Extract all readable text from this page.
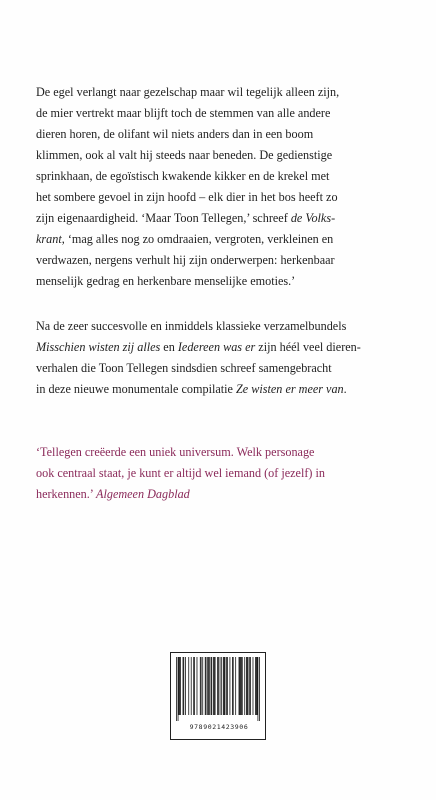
De egel verlangt naar gezelschap maar wil tegelijk alleen zijn,
de mier vertrekt maar blijft toch de stemmen van alle andere
dieren horen, de olifant wil niets anders dan in een boom
klimmen, ook al valt hij steeds naar beneden. De gedienstige
sprinkhaan, de egoïstisch kwakende kikker en de krekel met
het sombere gevoel in zijn hoofd – elk dier in het bos heeft zo
zijn eigenaardigheid. ‘Maar Toon Tellegen,’ schreef de Volks-
krant, ‘mag alles nog zo omdraaien, vergroten, verkleinen en
verdwazen, nergens verhult hij zijn onderwerpen: herkenbaar
menselijk gedrag en herkenbare menselijke emoties.’
Na de zeer succesvolle en inmiddels klassieke verzamelbundels
Misschien wisten zij alles en Iedereen was er zijn héél veel dieren-
verhalen die Toon Tellegen sindsdien schreef samengebracht
in deze nieuwe monumentale compilatie Ze wisten er meer van.
‘Tellegen creëerde een uniek universum. Welk personage
ook centraal staat, je kunt er altijd wel iemand (of jezelf) in
herkennen.’ Algemeen Dagblad
9789021423906
